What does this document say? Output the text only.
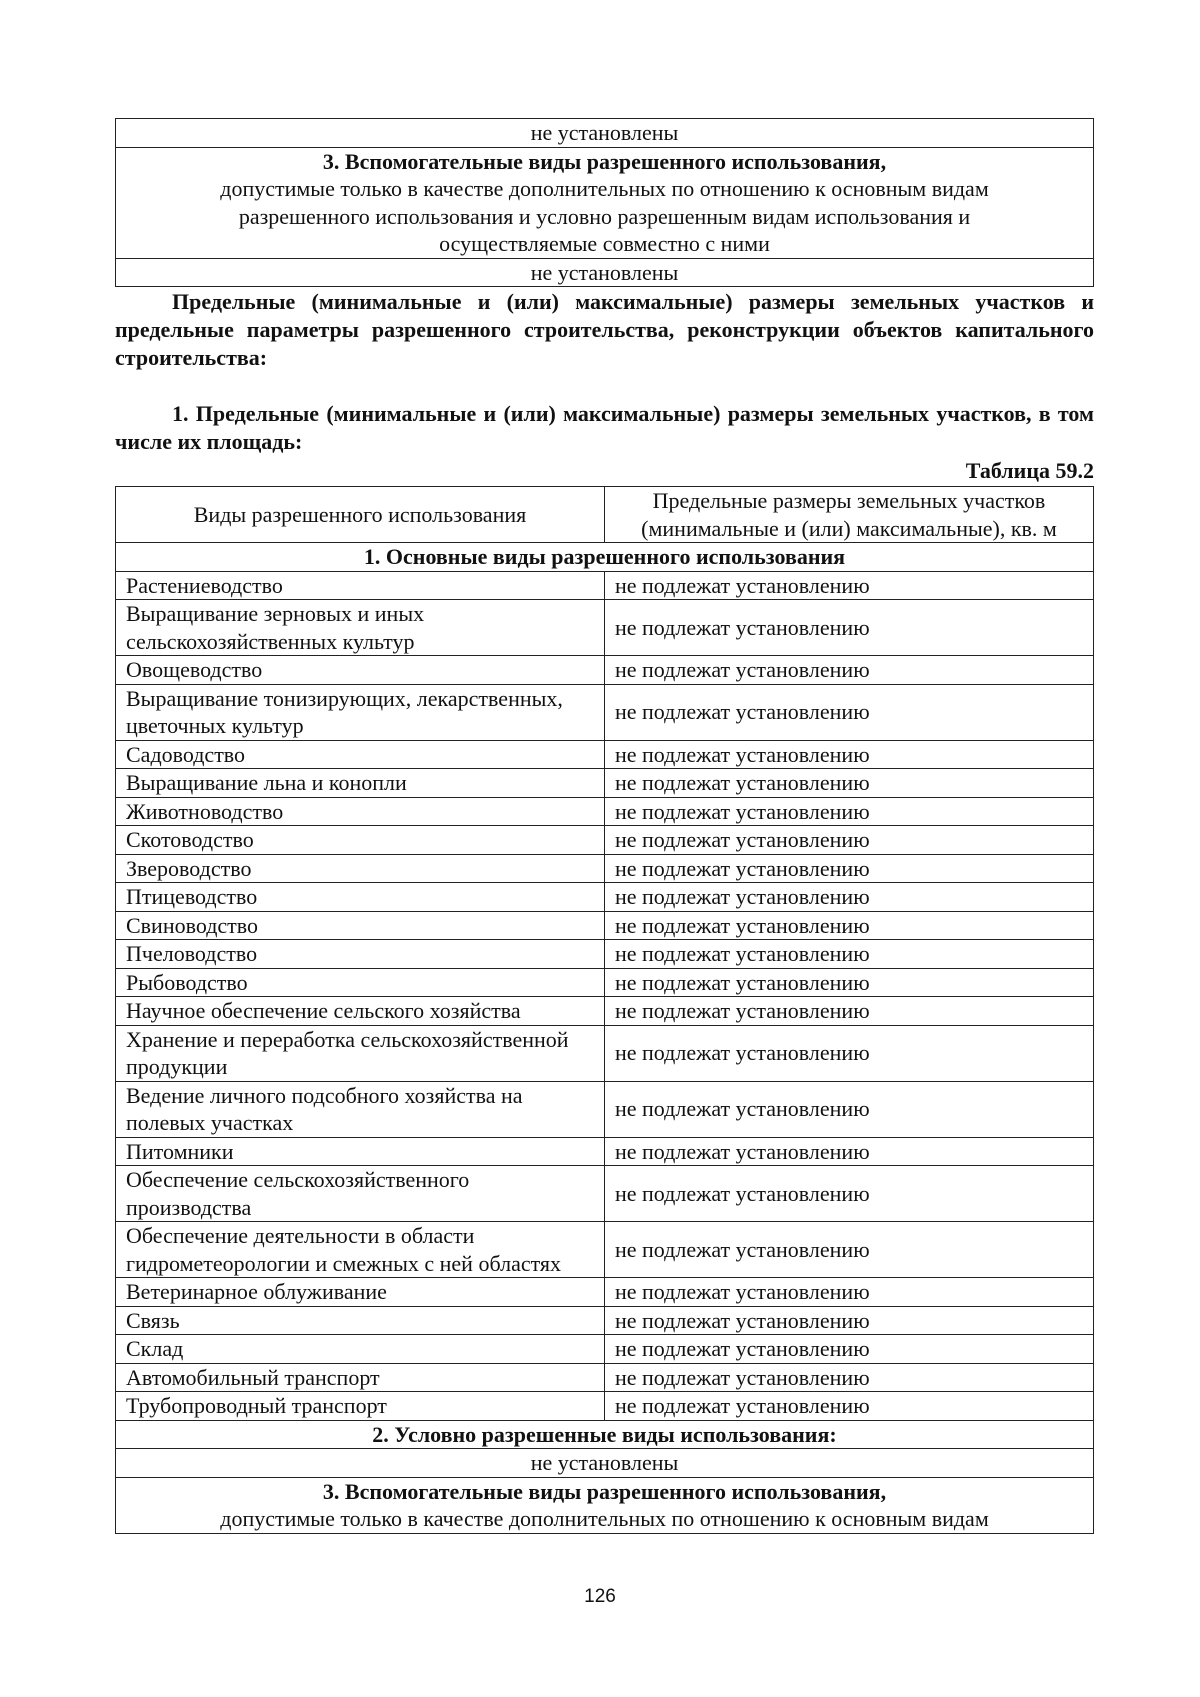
не установлены

3. Вспомогательные виды разрешенного использования,
допустимые только в качестве дополнительных по отношению к основным видам разрешенного использования и условно разрешенным видам использования и осуществляемые совместно с ними

не установлены
Предельные (минимальные и (или) максимальные) размеры земельных участков и предельные параметры разрешенного строительства, реконструкции объектов капитального строительства:
1. Предельные (минимальные и (или) максимальные) размеры земельных участков, в том числе их площадь:
Таблица 59.2
Виды разрешенного использования	Предельные размеры земельных участков (минимальные и (или) максимальные), кв. м
1. Основные виды разрешенного использования	
Растениеводство	не подлежат установлению
Выращивание зерновых и иных сельскохозяйственных культур	не подлежат установлению
Овощеводство	не подлежат установлению
Выращивание тонизирующих, лекарственных, цветочных культур	не подлежат установлению
Садоводство	не подлежат установлению
Выращивание льна и конопли	не подлежат установлению
Животноводство	не подлежат установлению
Скотоводство	не подлежат установлению
Звероводство	не подлежат установлению
Птицеводство	не подлежат установлению
Свиноводство	не подлежат установлению
Пчеловодство	не подлежат установлению
Рыбоводство	не подлежат установлению
Научное обеспечение сельского хозяйства	не подлежат установлению
Хранение и переработка сельскохозяйственной продукции	не подлежат установлению
Ведение личного подсобного хозяйства на полевых участках	не подлежат установлению
Питомники	не подлежат установлению
Обеспечение сельскохозяйственного производства	не подлежат установлению
Обеспечение деятельности в области гидрометеорологии и смежных с ней областях	не подлежат установлению
Ветеринарное облуживание	не подлежат установлению
Связь	не подлежат установлению
Склад	не подлежат установлению
Автомобильный транспорт	не подлежат установлению
Трубопроводный транспорт	не подлежат установлению
2. Условно разрешенные виды использования:	
не установлены	

3. Вспомогательные виды разрешенного использования,
допустимые только в качестве дополнительных по отношению к основным видам	
126
